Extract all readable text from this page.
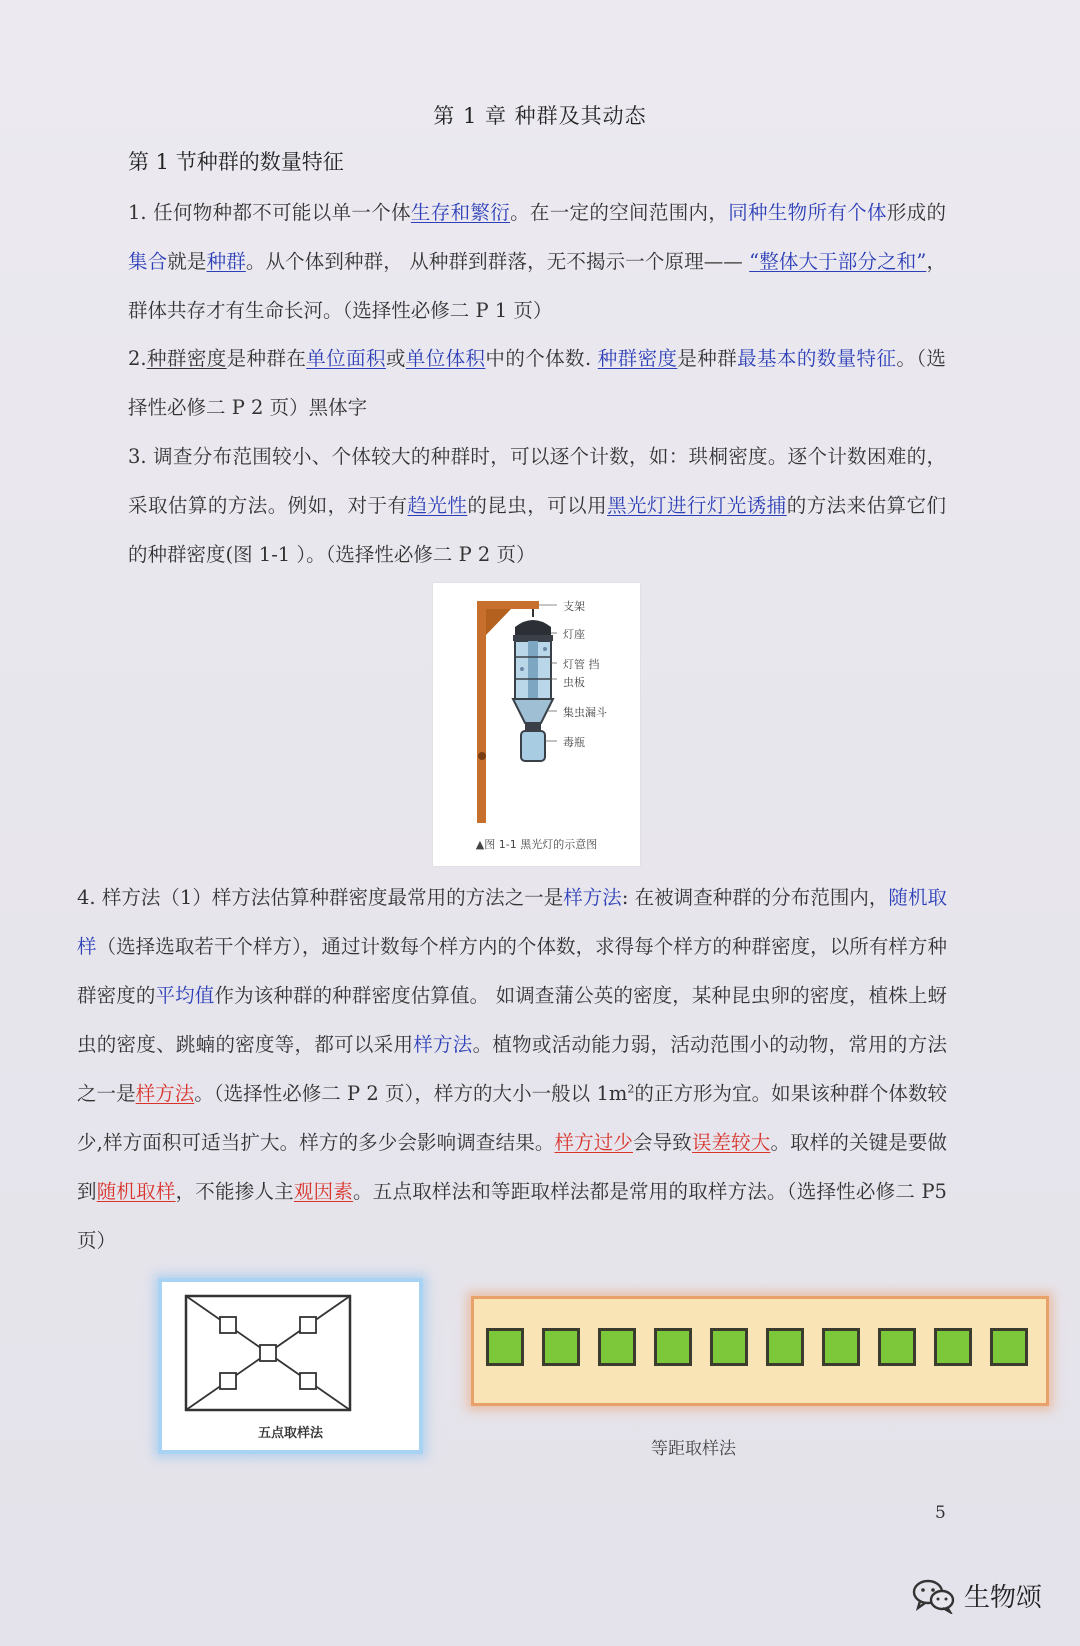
第 1 章 种群及其动态
第 1 节种群的数量特征
1. 任何物种都不可能以单一个体生存和繁衍。在一定的空间范围内，同种生物所有个体形成的集合就是种群。从个体到种群， 从种群到群落，无不揭示一个原理—— “整体大于部分之和”，群体共存才有生命长河。（选择性必修二 P 1 页）
2.种群密度是种群在单位面积或单位体积中的个体数. 种群密度是种群最基本的数量特征。（选择性必修二 P 2 页）黑体字
3. 调查分布范围较小、个体较大的种群时，可以逐个计数，如：珙桐密度。逐个计数困难的，采取估算的方法。例如，对于有趋光性的昆虫，可以用黑光灯进行灯光诱捕的方法来估算它们的种群密度(图 1-1 ）。（选择性必修二 P 2 页）
支架
灯座
灯管 挡
虫板
集虫漏斗
毒瓶
▲图 1-1 黑光灯的示意图
4. 样方法（1）样方法估算种群密度最常用的方法之一是样方法: 在被调查种群的分布范围内，随机取样（选择选取若干个样方），通过计数每个样方内的个体数，求得每个样方的种群密度，以所有样方种群密度的平均值作为该种群的种群密度估算值。 如调查蒲公英的密度，某种昆虫卵的密度，植株上蚜虫的密度、跳蝻的密度等，都可以采用样方法。植物或活动能力弱，活动范围小的动物，常用的方法之一是样方法。（选择性必修二 P 2 页），样方的大小一般以 $1m^2$的正方形为宜。如果该种群个体数较少,样方面积可适当扩大。样方的多少会影响调查结果。样方过少会导致误差较大。取样的关键是要做到随机取样，不能掺人主观因素。五点取样法和等距取样法都是常用的取样方法。（选择性必修二 P5 页）
五点取样法
等距取样法
5
生物颂
